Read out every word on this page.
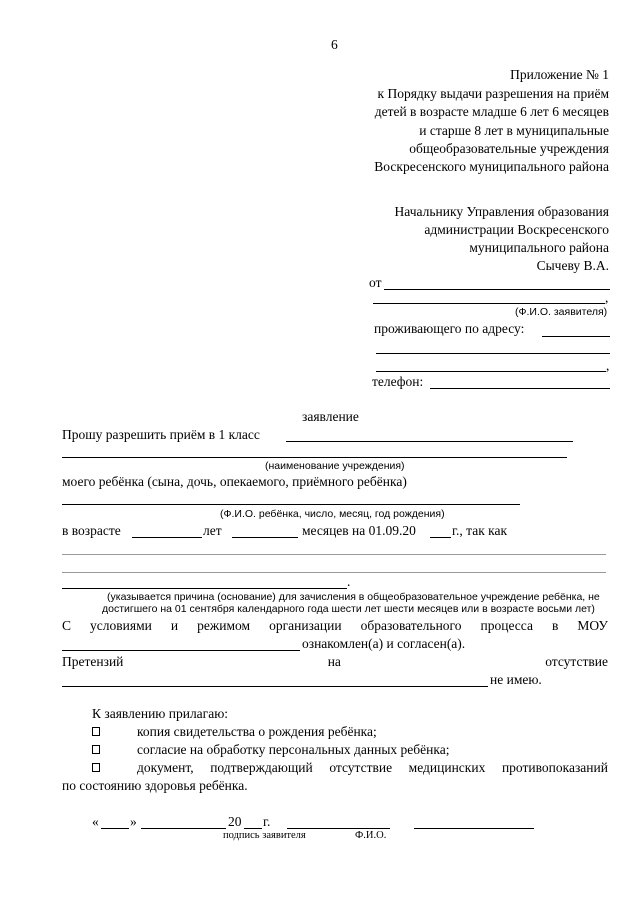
6
Приложение № 1
к Порядку выдачи разрешения на приём
детей в возрасте младше 6 лет 6 месяцев
и старше 8 лет в муниципальные
общеобразовательные учреждения
Воскресенского муниципального района
Начальнику Управления образования
администрации Воскресенского
муниципального района
Сычеву В.А.
от
,
(Ф.И.О. заявителя)
проживающего по адресу:
,
телефон:
заявление
Прошу разрешить приём в 1 класс
(наименование учреждения)
моего ребёнка (сына, дочь, опекаемого, приёмного ребёнка)
(Ф.И.О. ребёнка, число, месяц, год рождения)
в возрасте	лет	месяцев на 01.09.20	г., так как
.
(указывается причина (основание) для зачисления в общеобразовательное учреждение ребёнка, не
достигшего на 01 сентября календарного года шести лет шести месяцев или в возрасте восьми лет)
С условиями и режимом организации образовательного процесса в МОУ
ознакомлен(а) и согласен(а).
Претензий	на	отсутствие
не имею.
К заявлению прилагаю:
копия свидетельства о рождения ребёнка;
согласие на обработку персональных данных ребёнка;
документ, подтверждающий отсутствие медицинских противопоказаний
по состоянию здоровья ребёнка.
« »	20 г.
подпись заявителя	Ф.И.О.
